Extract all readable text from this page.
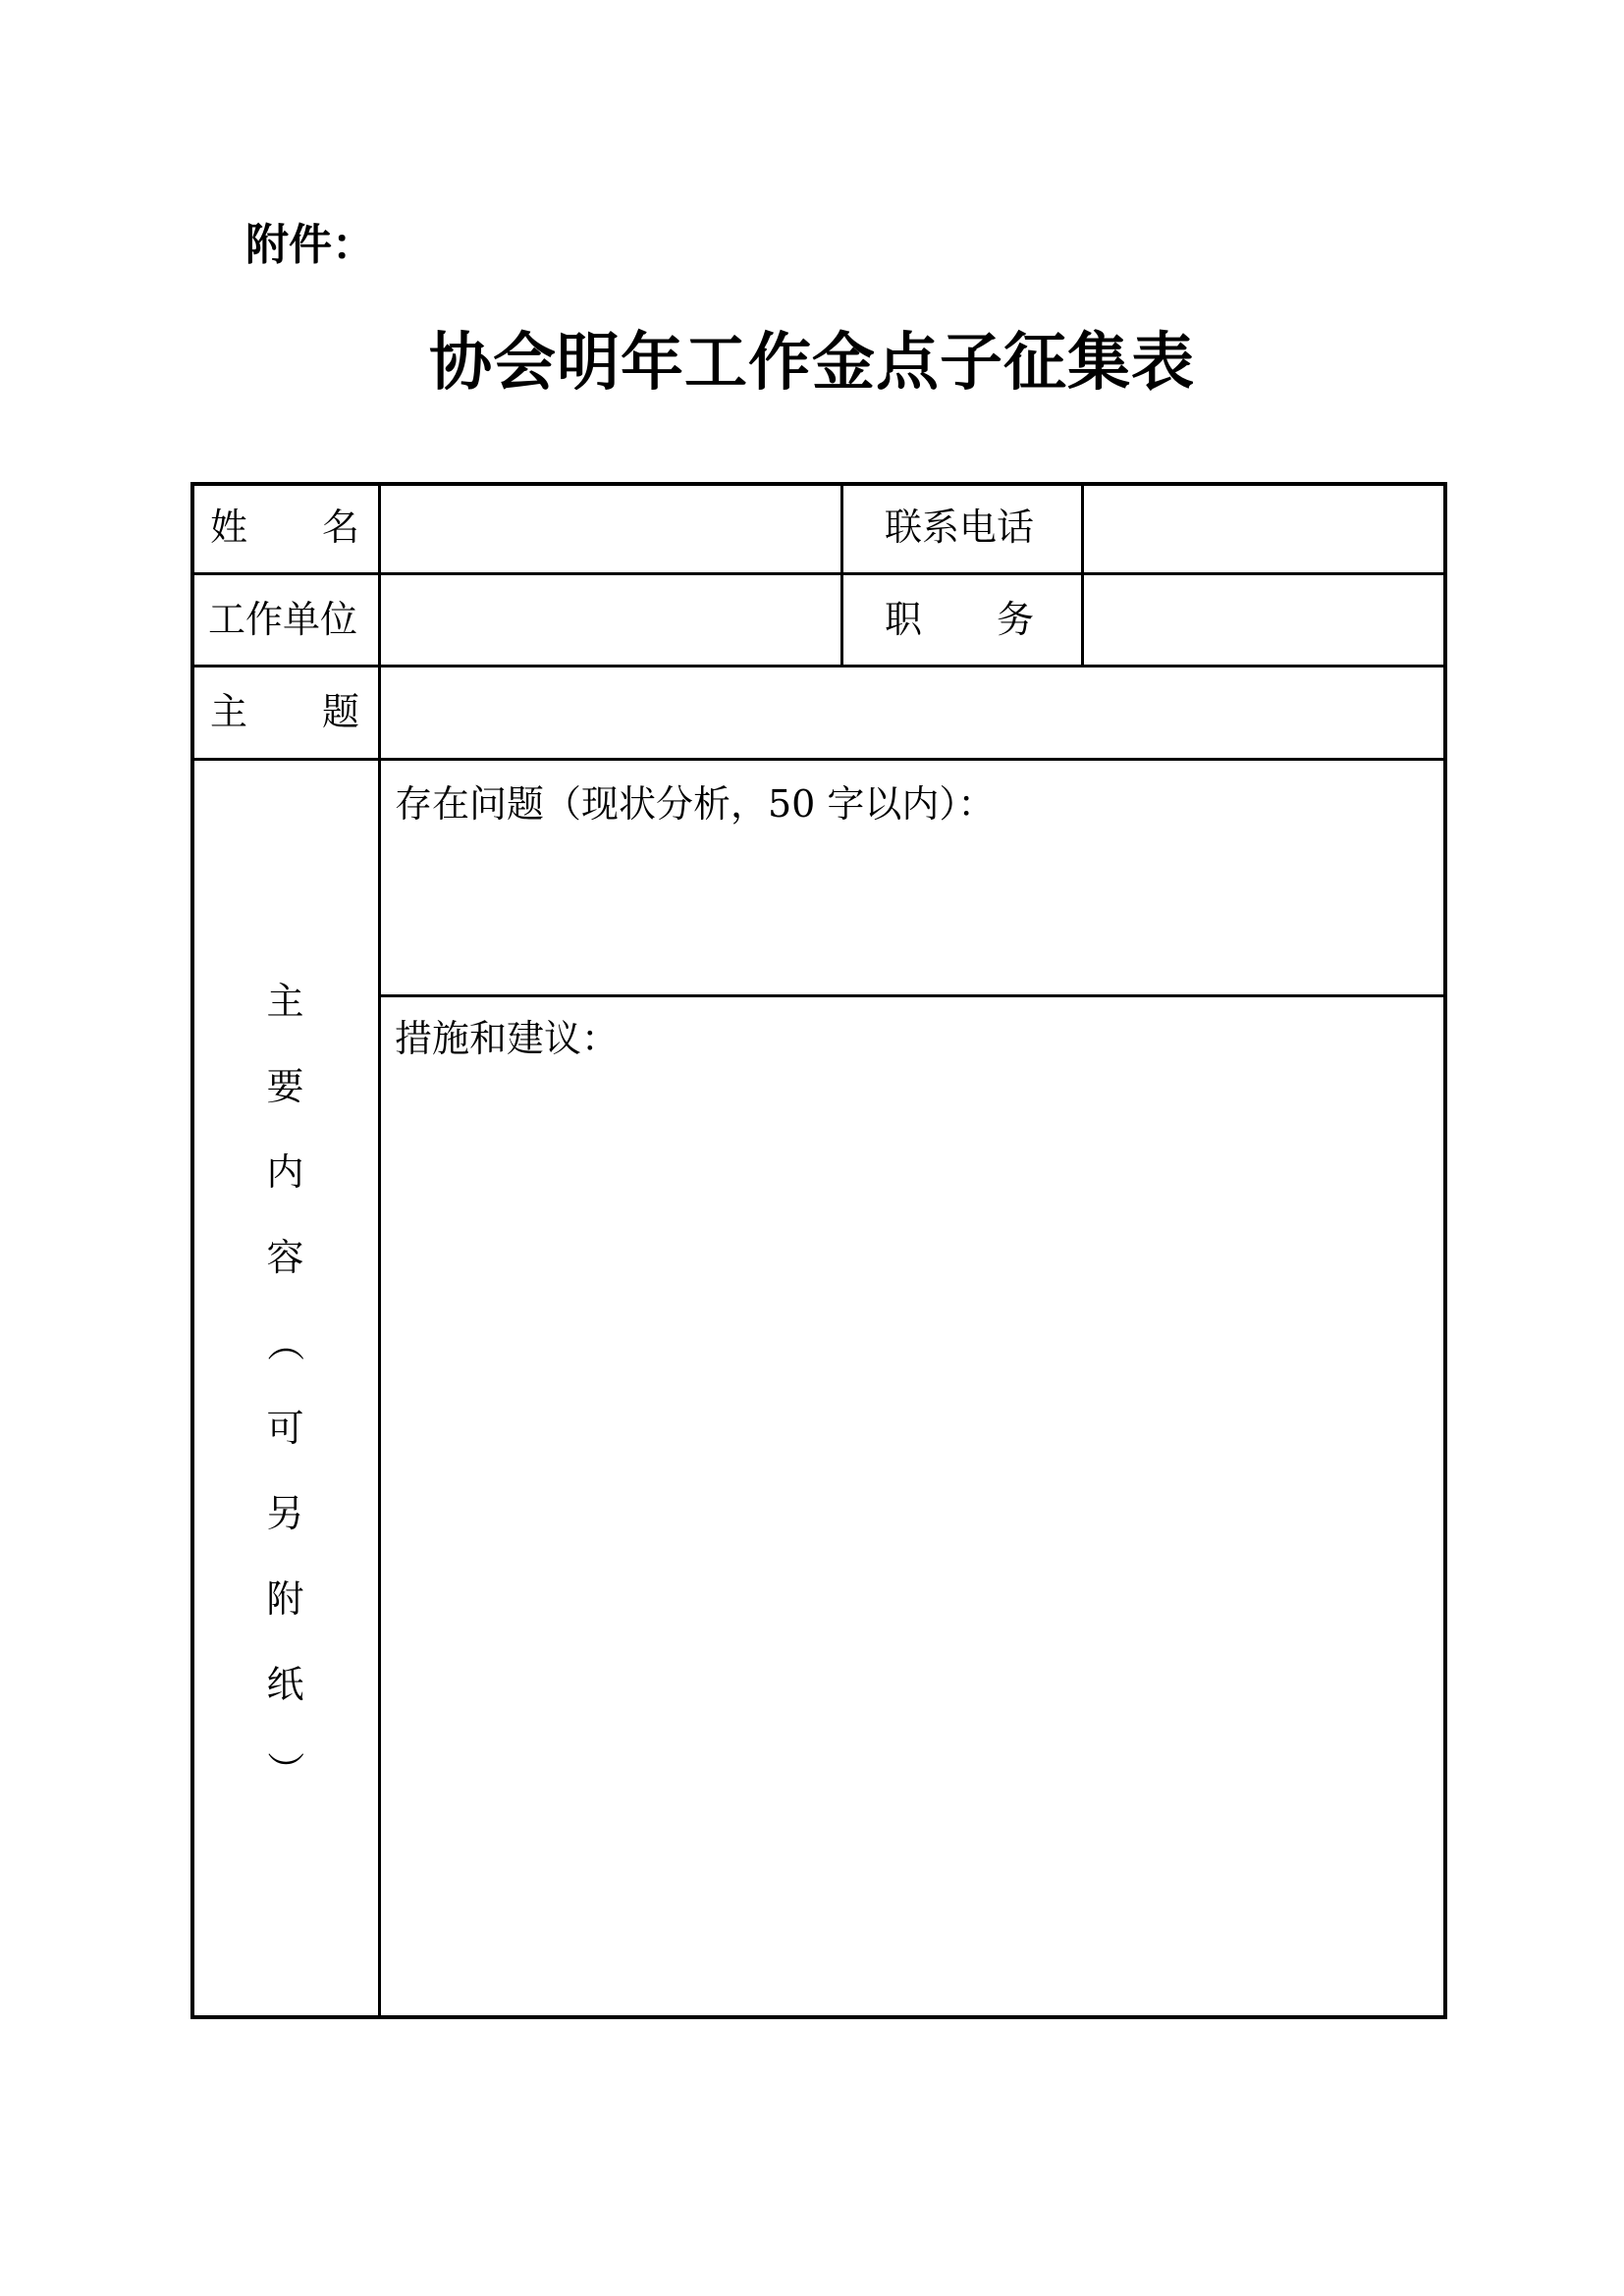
附件：
协会明年工作金点子征集表
姓 名	联系电话
工作单位	职 务
主 题
主
要
内
容
（
可
另
附
纸
）
存在问题（现状分析，50 字以内）：
措施和建议：
